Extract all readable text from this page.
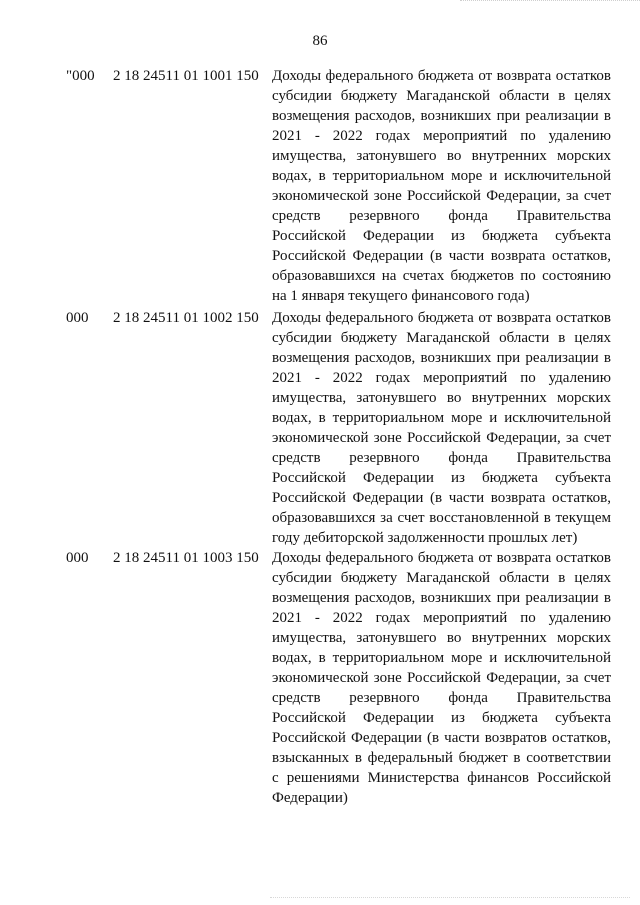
86
"000 2 18 24511 01 1001 150 Доходы федерального бюджета от возврата остатков субсидии бюджету Магаданской области в целях возмещения расходов, возникших при реализации в 2021 - 2022 годах мероприятий по удалению имущества, затонувшего во внутренних морских водах, в территориальном море и исключительной экономической зоне Российской Федерации, за счет средств резервного фонда Правительства Российской Федерации из бюджета субъекта Российской Федерации (в части возврата остатков, образовавшихся на счетах бюджетов по состоянию на 1 января текущего финансового года)
000 2 18 24511 01 1002 150 Доходы федерального бюджета от возврата остатков субсидии бюджету Магаданской области в целях возмещения расходов, возникших при реализации в 2021 - 2022 годах мероприятий по удалению имущества, затонувшего во внутренних морских водах, в территориальном море и исключительной экономической зоне Российской Федерации, за счет средств резервного фонда Правительства Российской Федерации из бюджета субъекта Российской Федерации (в части возврата остатков, образовавшихся за счет восстановленной в текущем году дебиторской задолженности прошлых лет)
000 2 18 24511 01 1003 150 Доходы федерального бюджета от возврата остатков субсидии бюджету Магаданской области в целях возмещения расходов, возникших при реализации в 2021 - 2022 годах мероприятий по удалению имущества, затонувшего во внутренних морских водах, в территориальном море и исключительной экономической зоне Российской Федерации, за счет средств резервного фонда Правительства Российской Федерации из бюджета субъекта Российской Федерации (в части возвратов остатков, взысканных в федеральный бюджет в соответствии с решениями Министерства финансов Российской Федерации)
